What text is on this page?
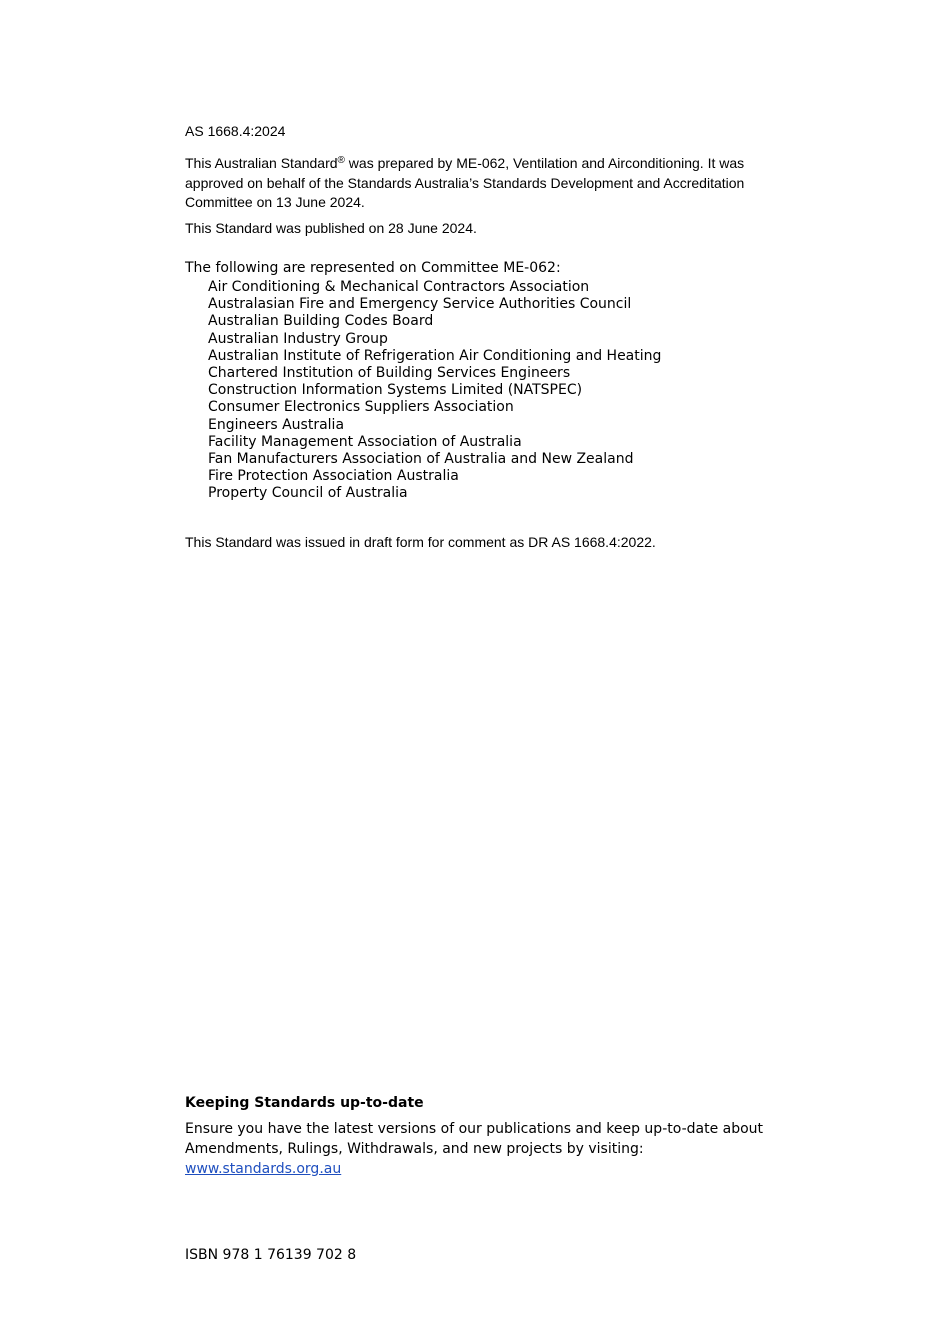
AS 1668.4:2024

This Australian Standard® was prepared by ME-062, Ventilation and Airconditioning. It was approved on behalf of the Standards Australia’s Standards Development and Accreditation Committee on 13 June 2024.

This Standard was published on 28 June 2024.
The following are represented on Committee ME-062:
Air Conditioning & Mechanical Contractors Association
Australasian Fire and Emergency Service Authorities Council
Australian Building Codes Board
Australian Industry Group
Australian Institute of Refrigeration Air Conditioning and Heating
Chartered Institution of Building Services Engineers
Construction Information Systems Limited (NATSPEC)
Consumer Electronics Suppliers Association
Engineers Australia
Facility Management Association of Australia
Fan Manufacturers Association of Australia and New Zealand
Fire Protection Association Australia
Property Council of Australia
This Standard was issued in draft form for comment as DR AS 1668.4:2022.
Keeping Standards up-to-date

Ensure you have the latest versions of our publications and keep up-to-date about Amendments, Rulings, Withdrawals, and new projects by visiting:

www.standards.org.au
ISBN 978 1 76139 702 8
